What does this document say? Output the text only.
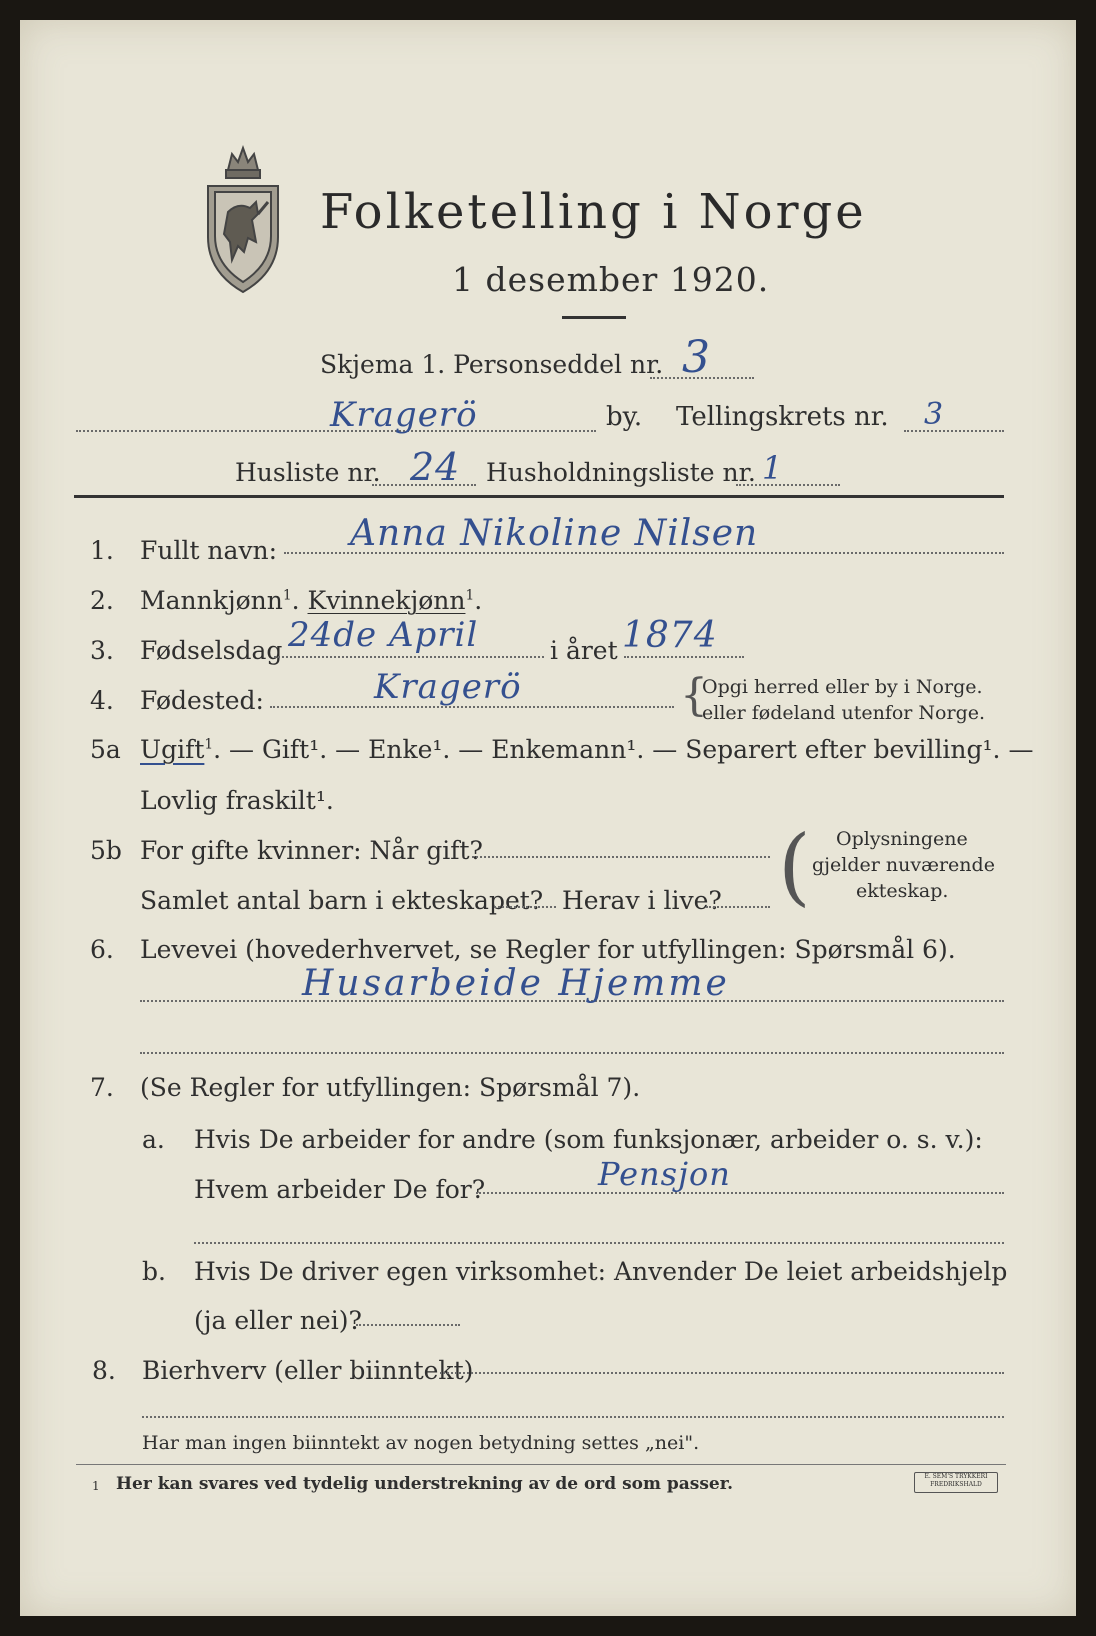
Folketelling i Norge
1 desember 1920.
Skjema 1. Personseddel nr. 3
Kragerö	by. Tellingskrets nr. 3
Husliste nr. 24 Husholdningsliste nr. 1
1. Fullt navn: Anna Nikoline Nilsen
2. Mannkjønn$^1$. Kvinnekjønn$^1$.
3. Fødselsdag 24de April	i året 1874
4. Fødested:	Kragerö	{
Opgi herred eller by i Norge.
eller fødeland utenfor Norge.
5a Ugift$^1$. — Gift¹. — Enke¹. — Enkemann¹. — Separert efter bevilling¹. —
Lovlig fraskilt¹.
5b For gifte kvinner: Når gift?
Samlet antal barn i ekteskapet? Herav i live? ( Oplysningene
gjelder nuværende
ekteskap.
6. Levevei (hovederhvervet, se Regler for utfyllingen: Spørsmål 6).
Husarbeide Hjemme
7. (Se Regler for utfyllingen: Spørsmål 7).
a. Hvis De arbeider for andre (som funksjonær, arbeider o. s. v.):
Hvem arbeider De for?	Pensjon
b. Hvis De driver egen virksomhet: Anvender De leiet arbeidshjelp
(ja eller nei)?
8. Bierhverv (eller biinntekt)
Har man ingen biinntekt av nogen betydning settes „nei".
1 Her kan svares ved tydelig understrekning av de ord som passer.	E. SEM'S TRYKKERI
FREDRIKSHALD
